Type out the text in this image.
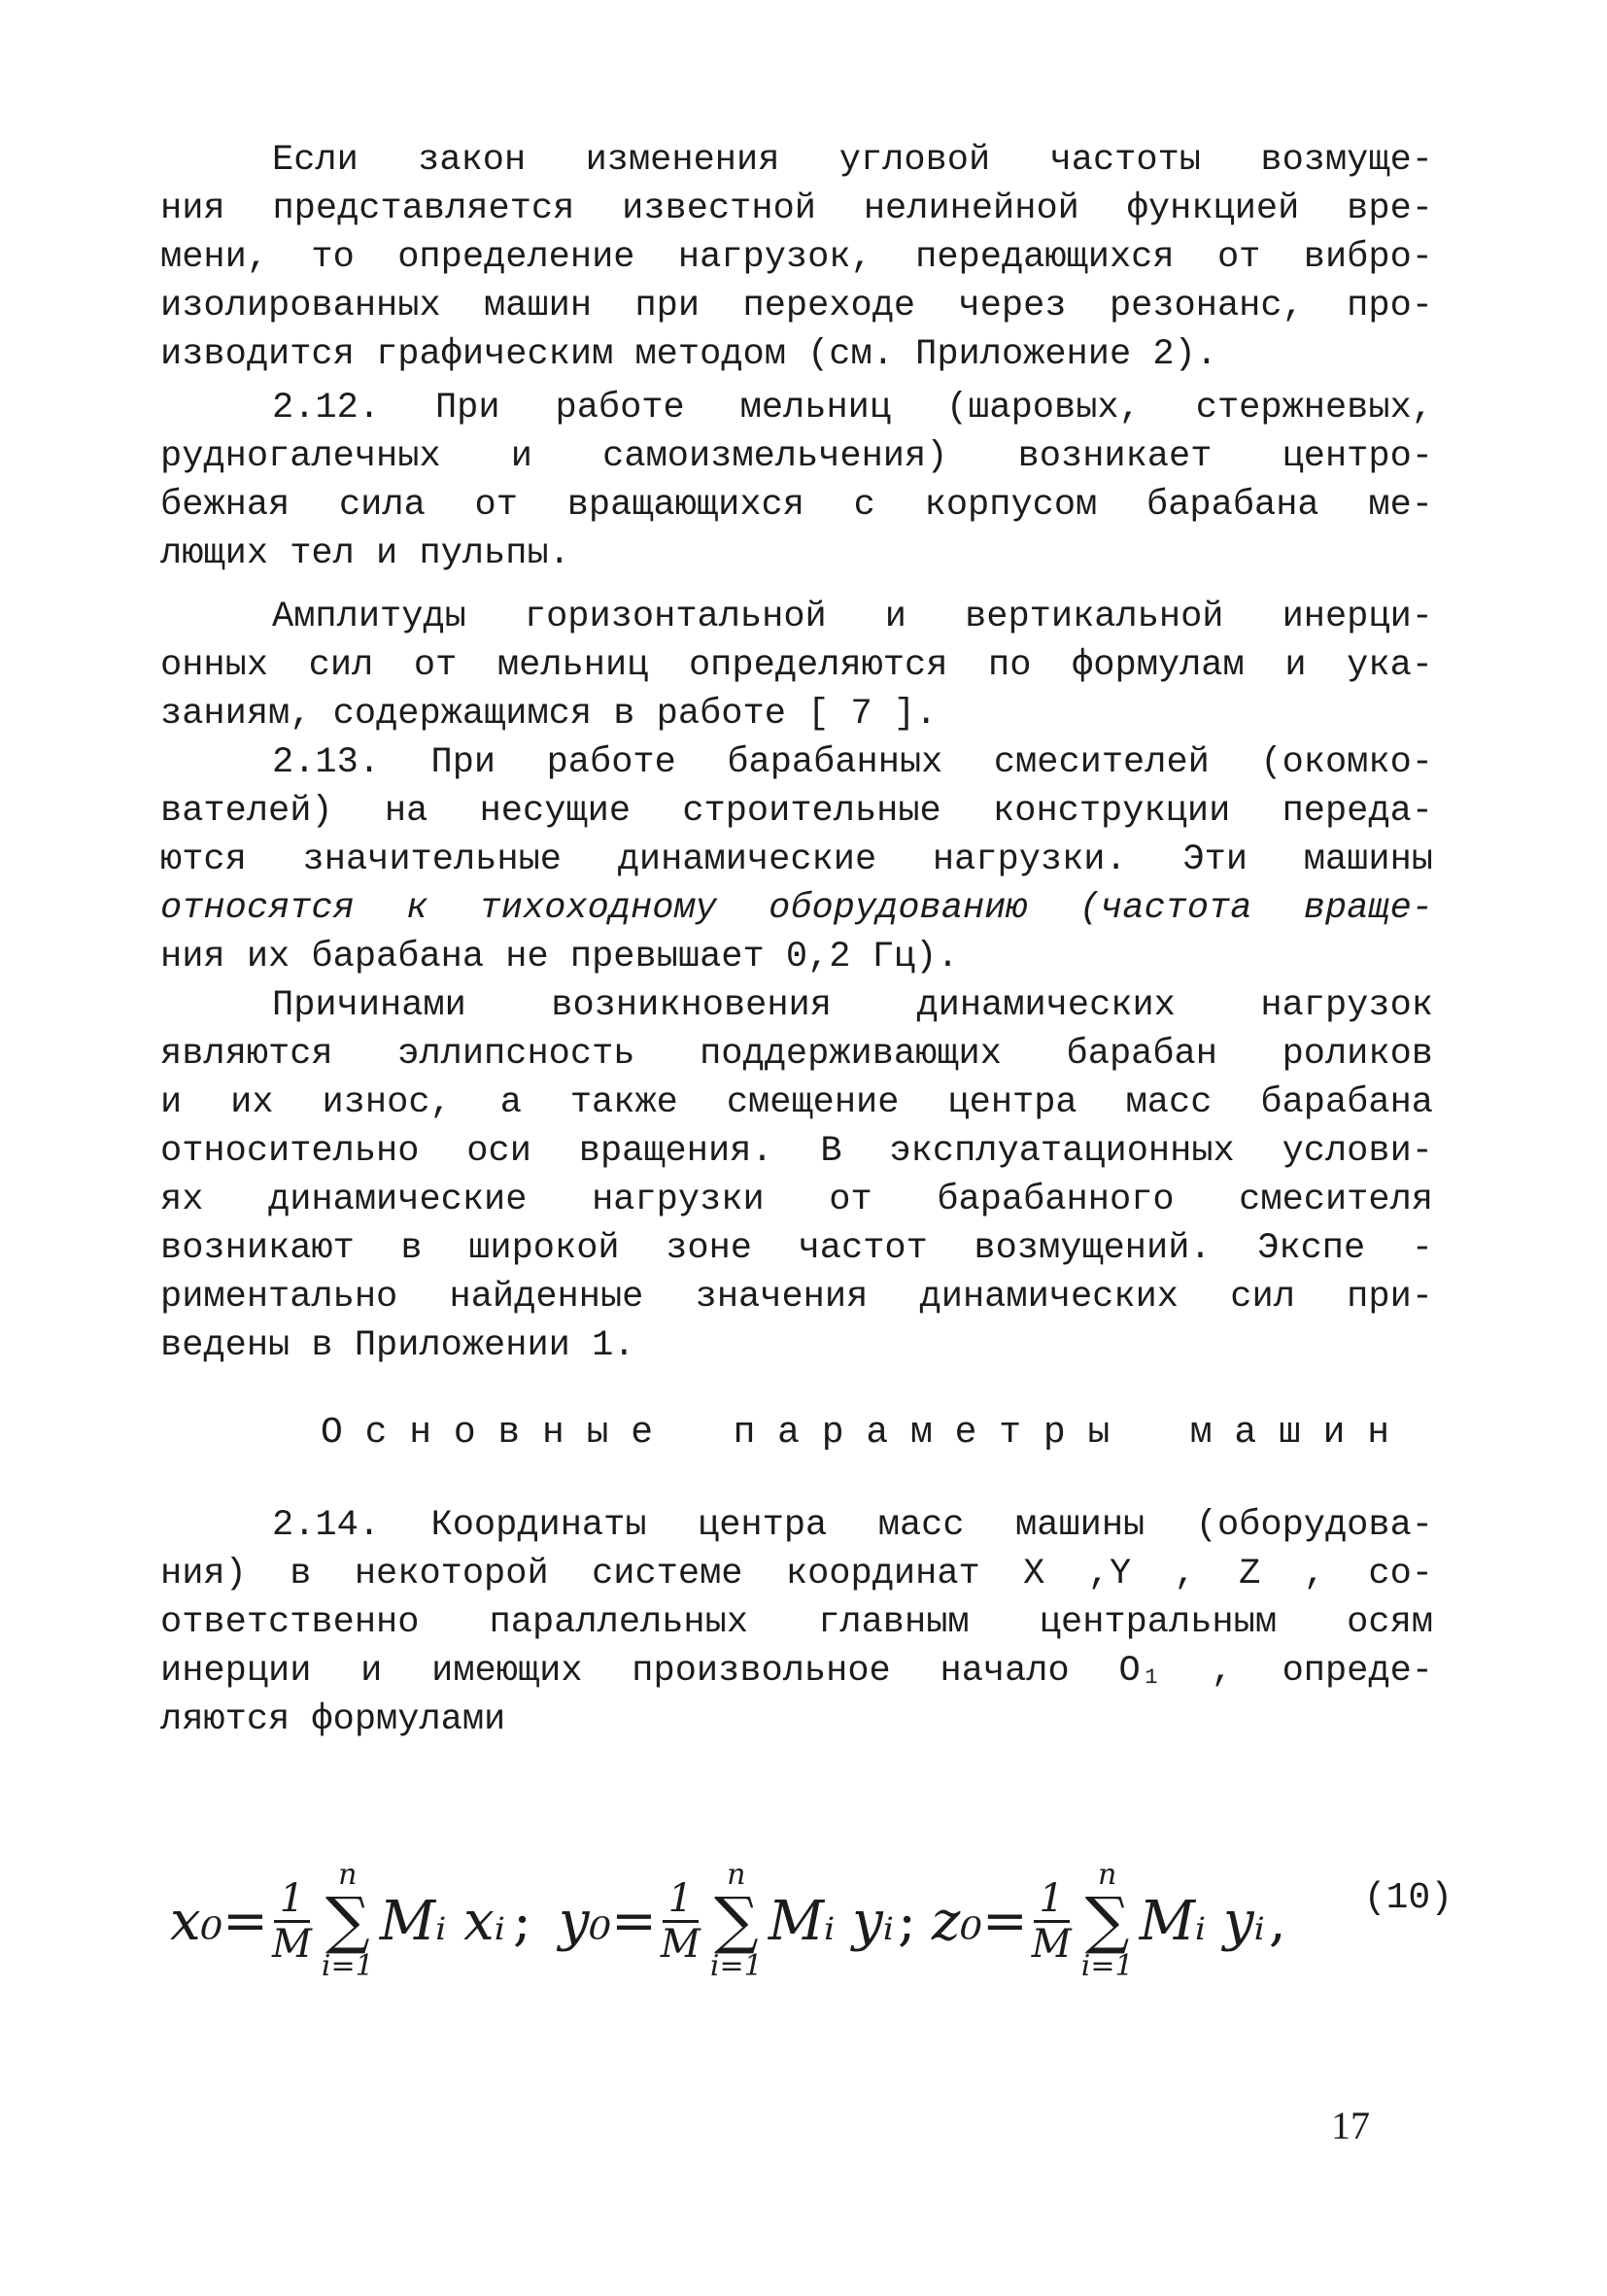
Если закон изменения угловой частоты возмуще-
ния представляется известной нелинейной функцией вре-
мени, то определение нагрузок, передающихся от вибро-
изолированных машин при переходе через резонанс, про-
изводится графическим методом (см. Приложение 2).
2.12. При работе мельниц (шаровых, стержневых,
рудногалечных и самоизмельчения) возникает центро-
бежная сила от вращающихся с корпусом барабана ме-
лющих тел и пульпы.
Амплитуды горизонтальной и вертикальной инерци-
онных сил от мельниц определяются по формулам и ука-
заниям, содержащимся в работе [ 7 ].
2.13. При работе барабанных смесителей (окомко-
вателей) на несущие строительные конструкции переда-
ются значительные динамические нагрузки. Эти машины
относятся к тихоходному оборудованию (частота враще-
ния их барабана не превышает 0,2 Гц).
Причинами возникновения динамических нагрузок
являются эллипсность поддерживающих барабан роликов
и их износ, а также смещение центра масс барабана
относительно оси вращения. В эксплуатационных услови-
ях динамические нагрузки от барабанного смесителя
возникают в широкой зоне частот возмущений. Экспе -
риментально найденные значения динамических сил при-
ведены в Приложении 1.
О с н о в н ы е п а р а м е т р ы м а ш и н
2.14. Координаты центра масс машины (оборудова-
ния) в некоторой системе координат X ,Y , Z , со-
ответственно параллельных главным центральным осям
инерции и имеющих произвольное начало O₁ , опреде-
ляются формулами
$x_0 = \frac{1}{M}$
n
∑
i=1
Mᵢ xᵢ ; $y_0 = \frac{1}{M}$
n
∑
i=1
Mᵢ yᵢ ; $z_0 = \frac{1}{M}$
n
∑
i=1
Mᵢ yᵢ , (10)
17
